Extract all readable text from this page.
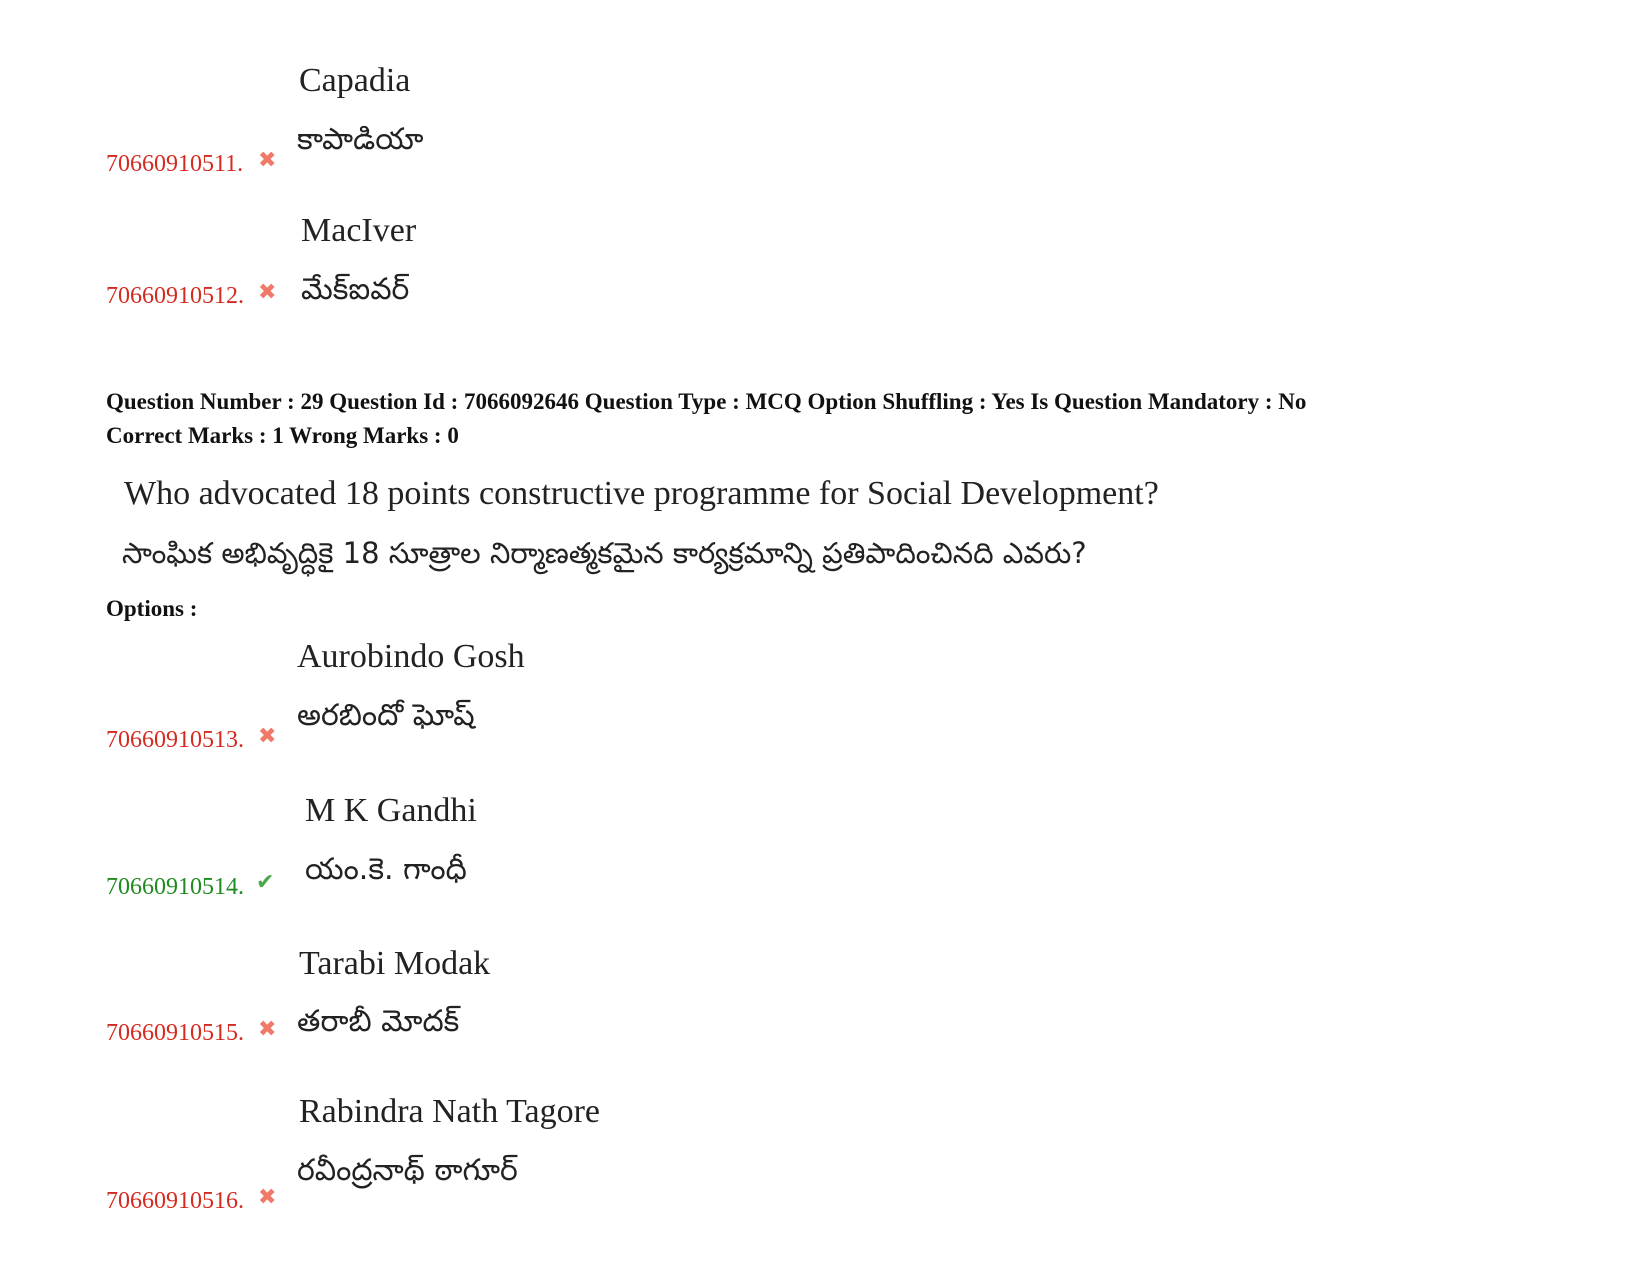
Capadia
కాపాడియా
70660910511. ✖
MacIver
మేక్ఐవర్
70660910512. ✖
Question Number : 29 Question Id : 7066092646 Question Type : MCQ Option Shuffling : Yes Is Question Mandatory : No
Correct Marks : 1 Wrong Marks : 0
Who advocated 18 points constructive programme for Social Development?
సాంఘిక అభివృద్ధికై 18 సూత్రాల నిర్మాణత్మకమైన కార్యక్రమాన్ని ప్రతిపాదించినది ఎవరు?
Options :
Aurobindo Gosh
అరబిందో ఘోష్
70660910513. ✖
M K Gandhi
యం.కె. గాంధీ
70660910514. ✔
Tarabi Modak
తరాబీ మోదక్
70660910515. ✖
Rabindra Nath Tagore
రవీంద్రనాథ్ ఠాగూర్
70660910516. ✖
